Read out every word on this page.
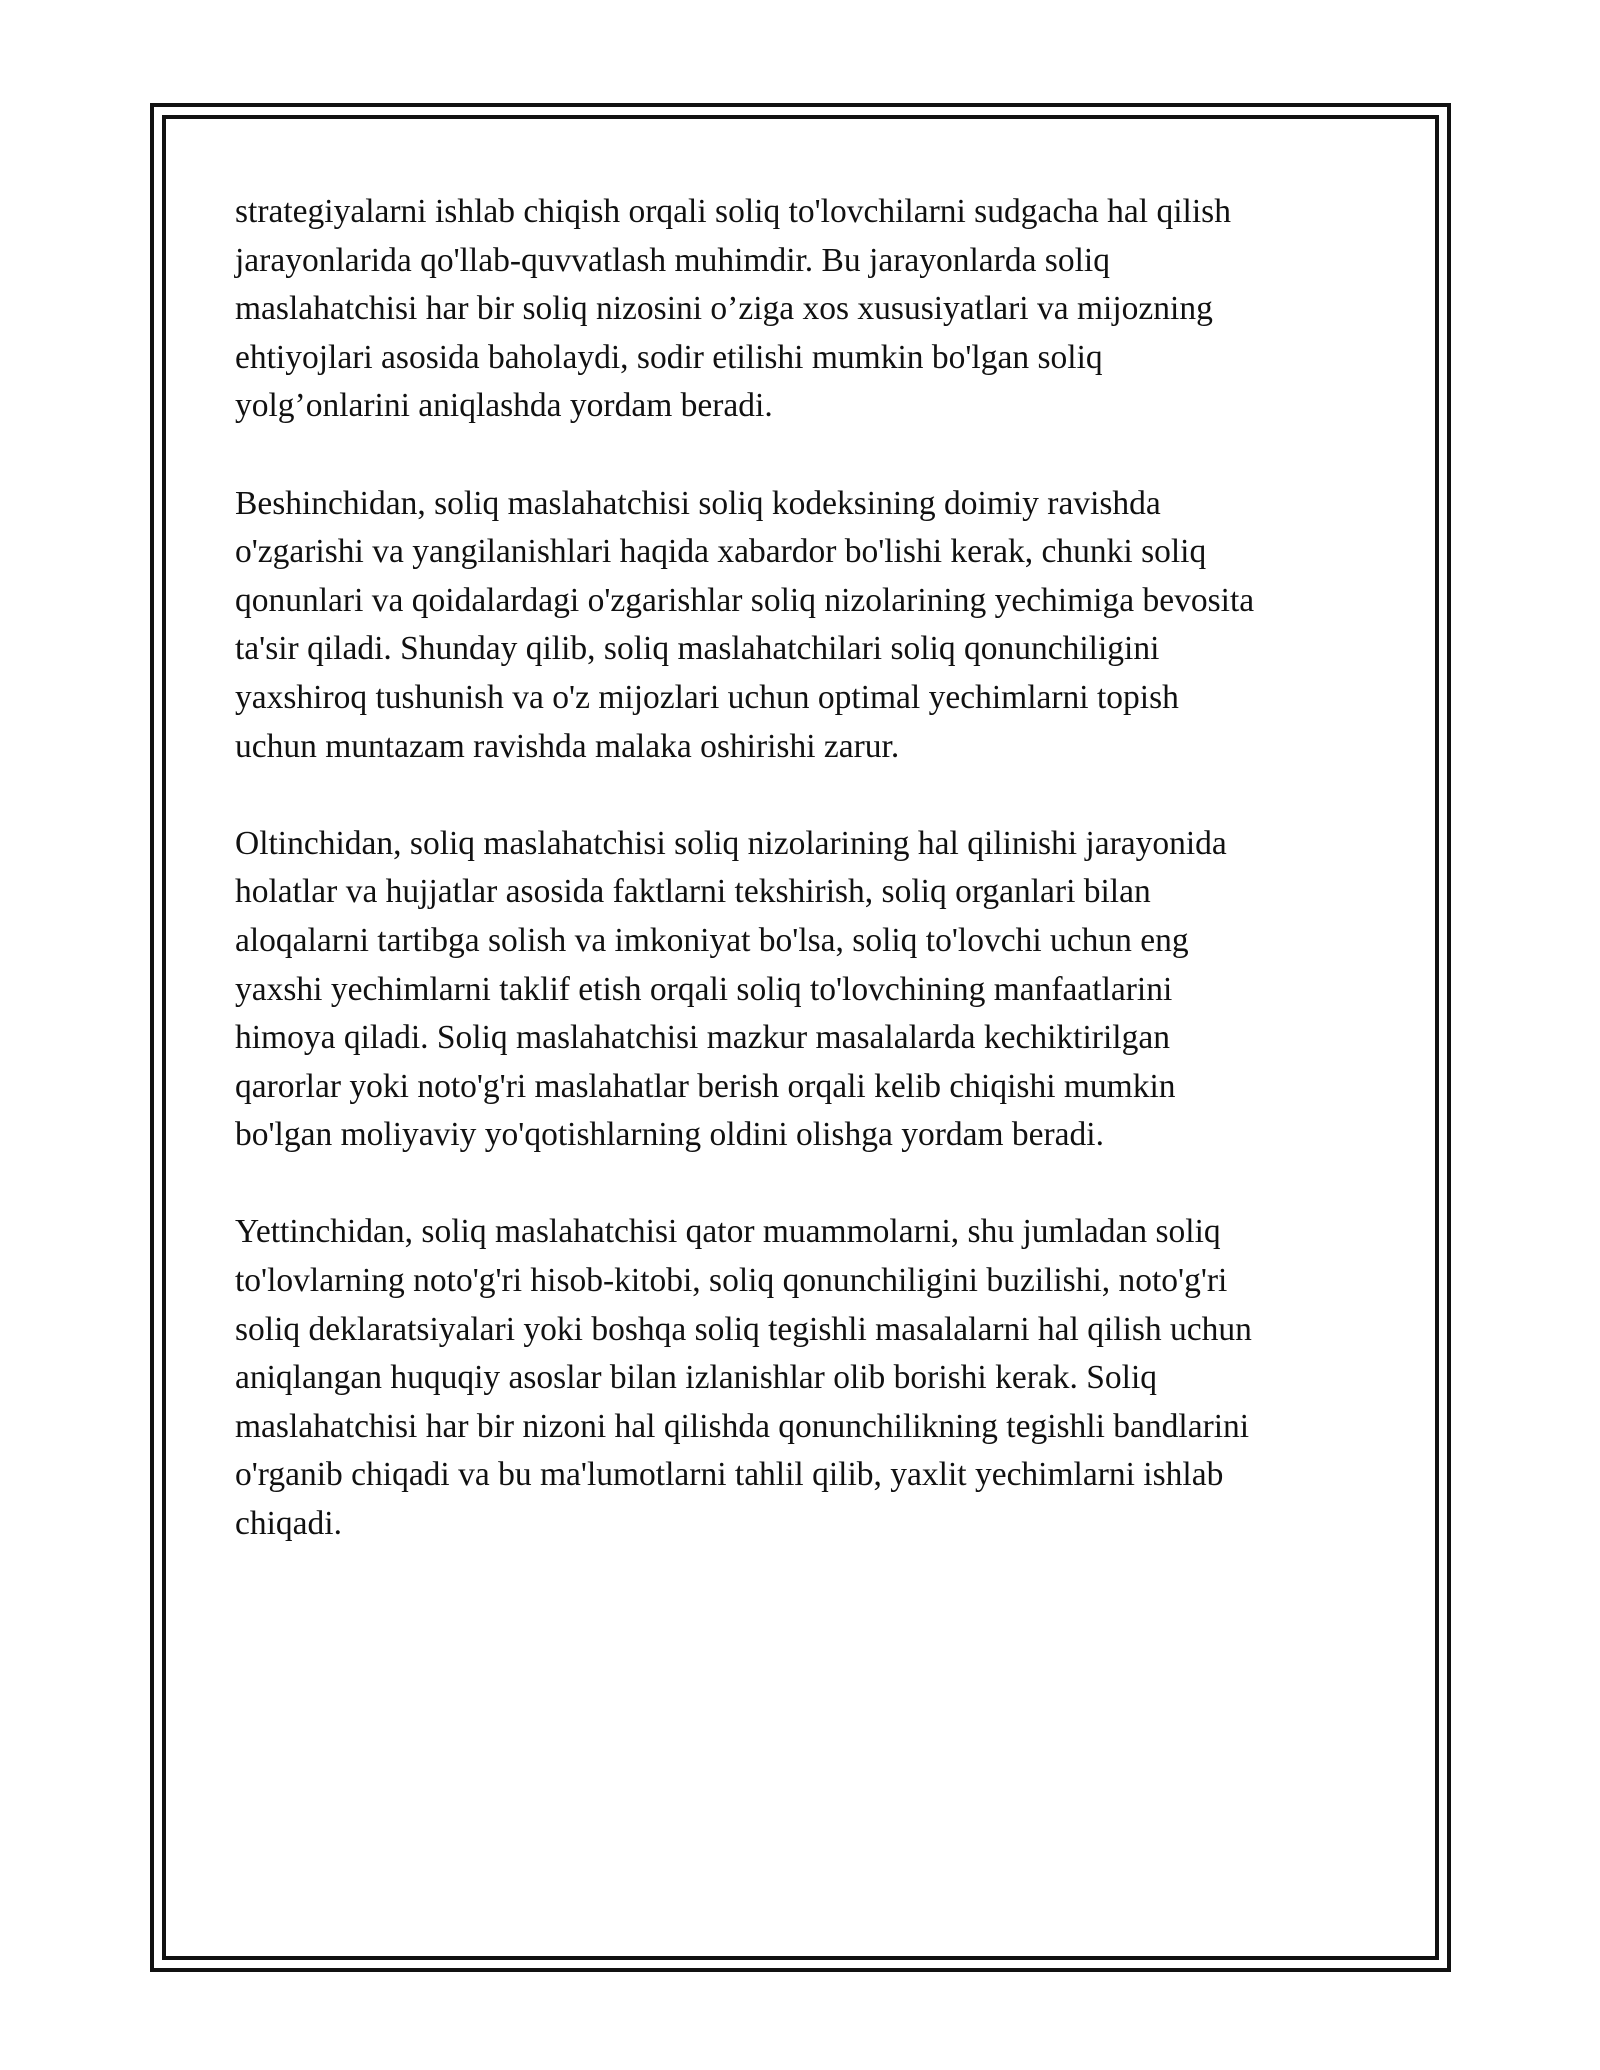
strategiyalarni ishlab chiqish orqali soliq to'lovchilarni sudgacha hal qilish
jarayonlarida qo'llab-quvvatlash muhimdir. Bu jarayonlarda soliq
maslahatchisi har bir soliq nizosini o’ziga xos xususiyatlari va mijozning
ehtiyojlari asosida baholaydi, sodir etilishi mumkin bo'lgan soliq
yolg’onlarini aniqlashda yordam beradi.

Beshinchidan, soliq maslahatchisi soliq kodeksining doimiy ravishda
o'zgarishi va yangilanishlari haqida xabardor bo'lishi kerak, chunki soliq
qonunlari va qoidalardagi o'zgarishlar soliq nizolarining yechimiga bevosita
ta'sir qiladi. Shunday qilib, soliq maslahatchilari soliq qonunchiligini
yaxshiroq tushunish va o'z mijozlari uchun optimal yechimlarni topish
uchun muntazam ravishda malaka oshirishi zarur.

Oltinchidan, soliq maslahatchisi soliq nizolarining hal qilinishi jarayonida
holatlar va hujjatlar asosida faktlarni tekshirish, soliq organlari bilan
aloqalarni tartibga solish va imkoniyat bo'lsa, soliq to'lovchi uchun eng
yaxshi yechimlarni taklif etish orqali soliq to'lovchining manfaatlarini
himoya qiladi. Soliq maslahatchisi mazkur masalalarda kechiktirilgan
qarorlar yoki noto'g'ri maslahatlar berish orqali kelib chiqishi mumkin
bo'lgan moliyaviy yo'qotishlarning oldini olishga yordam beradi.

Yettinchidan, soliq maslahatchisi qator muammolarni, shu jumladan soliq
to'lovlarning noto'g'ri hisob-kitobi, soliq qonunchiligini buzilishi, noto'g'ri
soliq deklaratsiyalari yoki boshqa soliq tegishli masalalarni hal qilish uchun
aniqlangan huquqiy asoslar bilan izlanishlar olib borishi kerak. Soliq
maslahatchisi har bir nizoni hal qilishda qonunchilikning tegishli bandlarini
o'rganib chiqadi va bu ma'lumotlarni tahlil qilib, yaxlit yechimlarni ishlab
chiqadi.
